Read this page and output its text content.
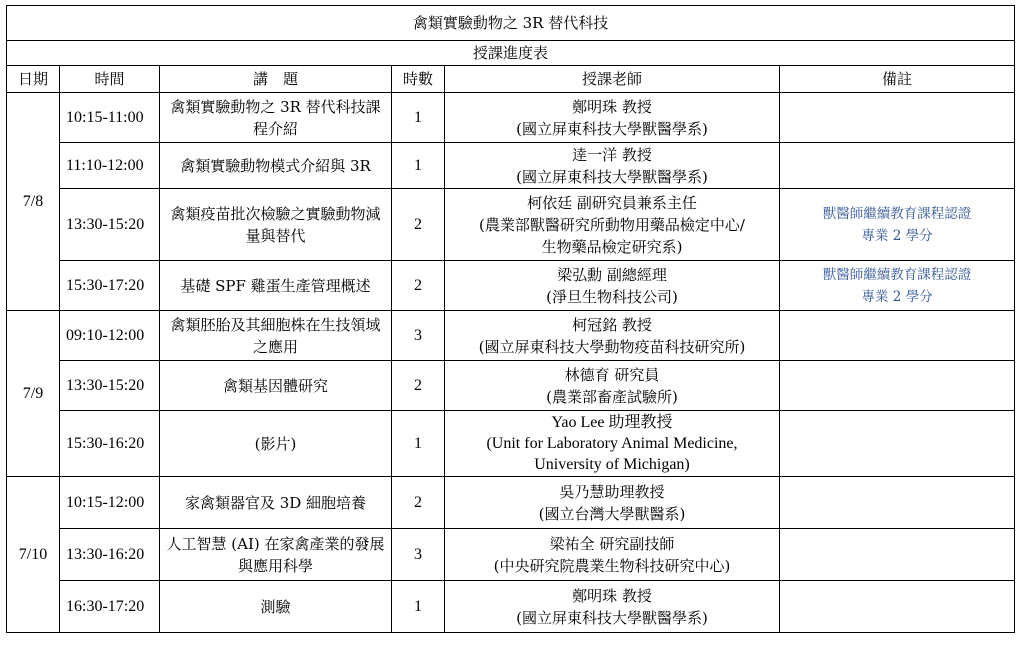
禽類實驗動物之 3R 替代科技					
授課進度表					
日期	時間	講　題	時數	授課老師	備註
7/8	10:15-11:00	禽類實驗動物之 3R 替代科技課程介紹	1	鄭明珠 教授
(國立屏東科技大學獸醫學系)	

	11:10-12:00	禽類實驗動物模式介紹與 3R	1	逹一洋 教授
(國立屏東科技大學獸醫學系)	

	13:30-15:20	禽類疫苗批次檢驗之實驗動物減量與替代	2	柯依廷 副研究員兼系主任
(農業部獸醫研究所動物用藥品檢定中心/
生物藥品檢定研究系)	獸醫師繼續教育課程認證
專業 2 學分

	15:30-17:20	基礎 SPF 雞蛋生產管理概述	2	梁弘勳 副總經理
(淨旦生物科技公司)	獸醫師繼續教育課程認證
專業 2 學分

7/9	09:10-12:00	禽類胚胎及其細胞株在生技領域之應用	3	柯冠銘 教授
(國立屏東科技大學動物疫苗科技研究所)	

	13:30-15:20	禽類基因體研究	2	林德育 研究員
(農業部畜產試驗所)	

	15:30-16:20	(影片)	1	Yao Lee 助理教授
(Unit for Laboratory Animal Medicine,
University of Michigan)	

7/10	10:15-12:00	家禽類器官及 3D 細胞培養	2	吳乃慧助理教授
(國立台灣大學獸醫系)	

	13:30-16:20	人工智慧 (AI) 在家禽產業的發展與應用科學	3	梁祐全 研究副技師
(中央研究院農業生物科技研究中心)	

	16:30-17:20	測驗	1	鄭明珠 教授
(國立屏東科技大學獸醫學系)	
